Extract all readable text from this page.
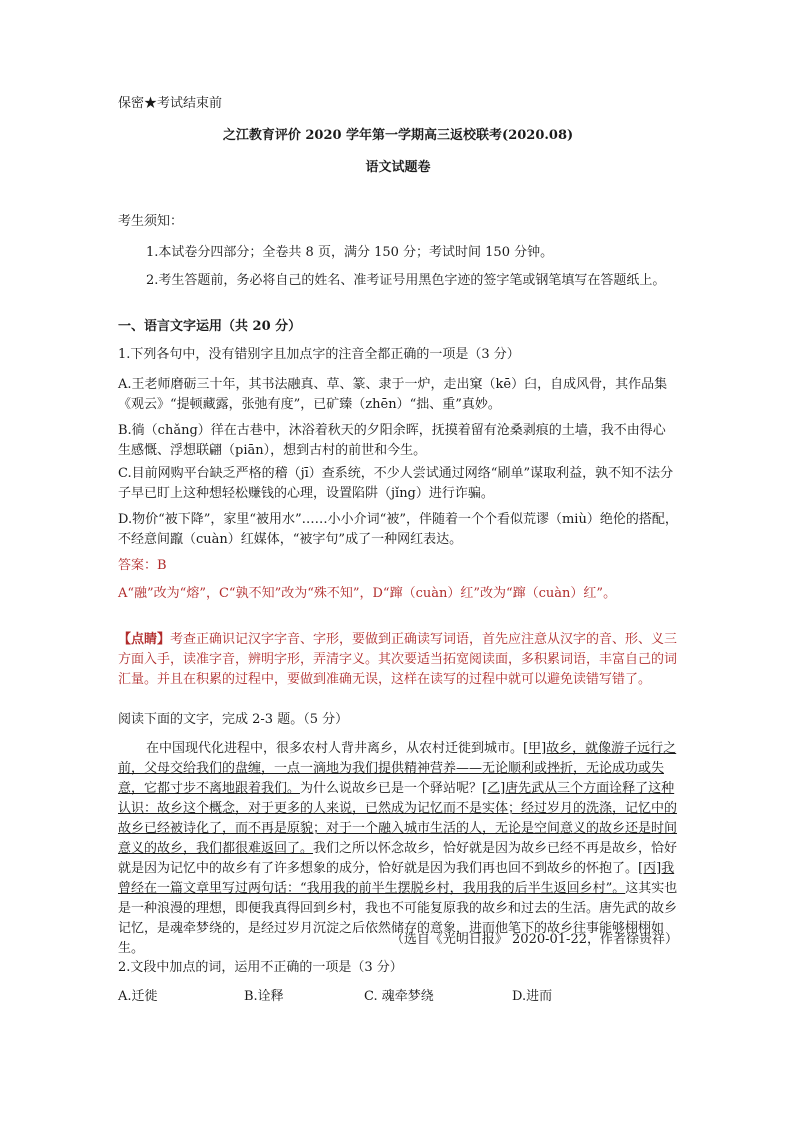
保密★考试结束前
之江教育评价 2020 学年第一学期高三返校联考(2020.08)
语文试题卷
考生须知：
1.本试卷分四部分；全卷共 8 页，满分 150 分；考试时间 150 分钟。
2.考生答题前，务必将自己的姓名、准考证号用黑色字迹的签字笔或钢笔填写在答题纸上。
一、语言文字运用（共 20 分）
1.下列各句中，没有错别字且加点字的注音全都正确的一项是（3 分）
A.王老师磨砺三十年，其书法融真、草、篆、隶于一炉，走出窠（kē）臼，自成风骨，其作品集《观云》“提顿藏露，张弛有度”，已矿臻（zhēn）“拙、重”真妙。
B.徜（chǎng）徉在古巷中，沐浴着秋天的夕阳余晖，抚摸着留有沧桑剥痕的土墙，我不由得心生感慨、浮想联翩（piān），想到古村的前世和今生。
C.目前网购平台缺乏严格的稽（jī）查系统，不少人尝试通过网络“刷单”谋取利益，孰不知不法分子早已盯上这种想轻松赚钱的心理，设置陷阱（jǐng）进行诈骗。
D.物价“被下降”，家里“被用水”……小小介词“被”，伴随着一个个看似荒谬（miù）绝伦的搭配，不经意间躥（cuàn）红媒体，“被字句”成了一种网红表达。
答案：B
A“融”改为“熔”，C“孰不知”改为“殊不知”，D“蹿（cuàn）红”改为“蹿（cuàn）红”。
【点睛】考查正确识记汉字字音、字形，要做到正确读写词语，首先应注意从汉字的音、形、义三方面入手，读准字音，辨明字形，弄清字义。其次要适当拓宽阅读面，多积累词语，丰富自己的词汇量。并且在积累的过程中，要做到准确无误，这样在读写的过程中就可以避免读错写错了。
阅读下面的文字，完成 2-3 题。（5 分）
在中国现代化进程中，很多农村人背井离乡，从农村迁徙到城市。[甲]故乡，就像游子远行之前，父母交给我们的盘缠，一点一滴地为我们提供精神营养——无论顺利或挫折，无论成功或失意，它都寸步不离地跟着我们。为什么说故乡已是一个驿站呢？[乙]唐先武从三个方面诠释了这种认识：故乡这个概念，对于更多的人来说，已然成为记忆而不是实体；经过岁月的洗涤，记忆中的故乡已经被诗化了，而不再是原貌；对于一个融入城市生活的人，无论是空间意义的故乡还是时间意义的故乡，我们都很难返回了。我们之所以怀念故乡，恰好就是因为故乡已经不再是故乡，恰好就是因为记忆中的故乡有了许多想象的成分，恰好就是因为我们再也回不到故乡的怀抱了。[丙]我曾经在一篇文章里写过两句话：“我用我的前半生摆脱乡村，我用我的后半生返回乡村”。这其实也是一种浪漫的理想，即便我真得回到乡村，我也不可能复原我的故乡和过去的生活。唐先武的故乡记忆，是魂牵梦绕的，是经过岁月沉淀之后依然储存的意象，进而他笔下的故乡往事能够栩栩如生。
（选自《光明日报》 2020-01-22，作者徐贵祥）
2.文段中加点的词，运用不正确的一项是（3 分）
A.迁徙	B.诠释	C. 魂牵梦绕	D.进而
